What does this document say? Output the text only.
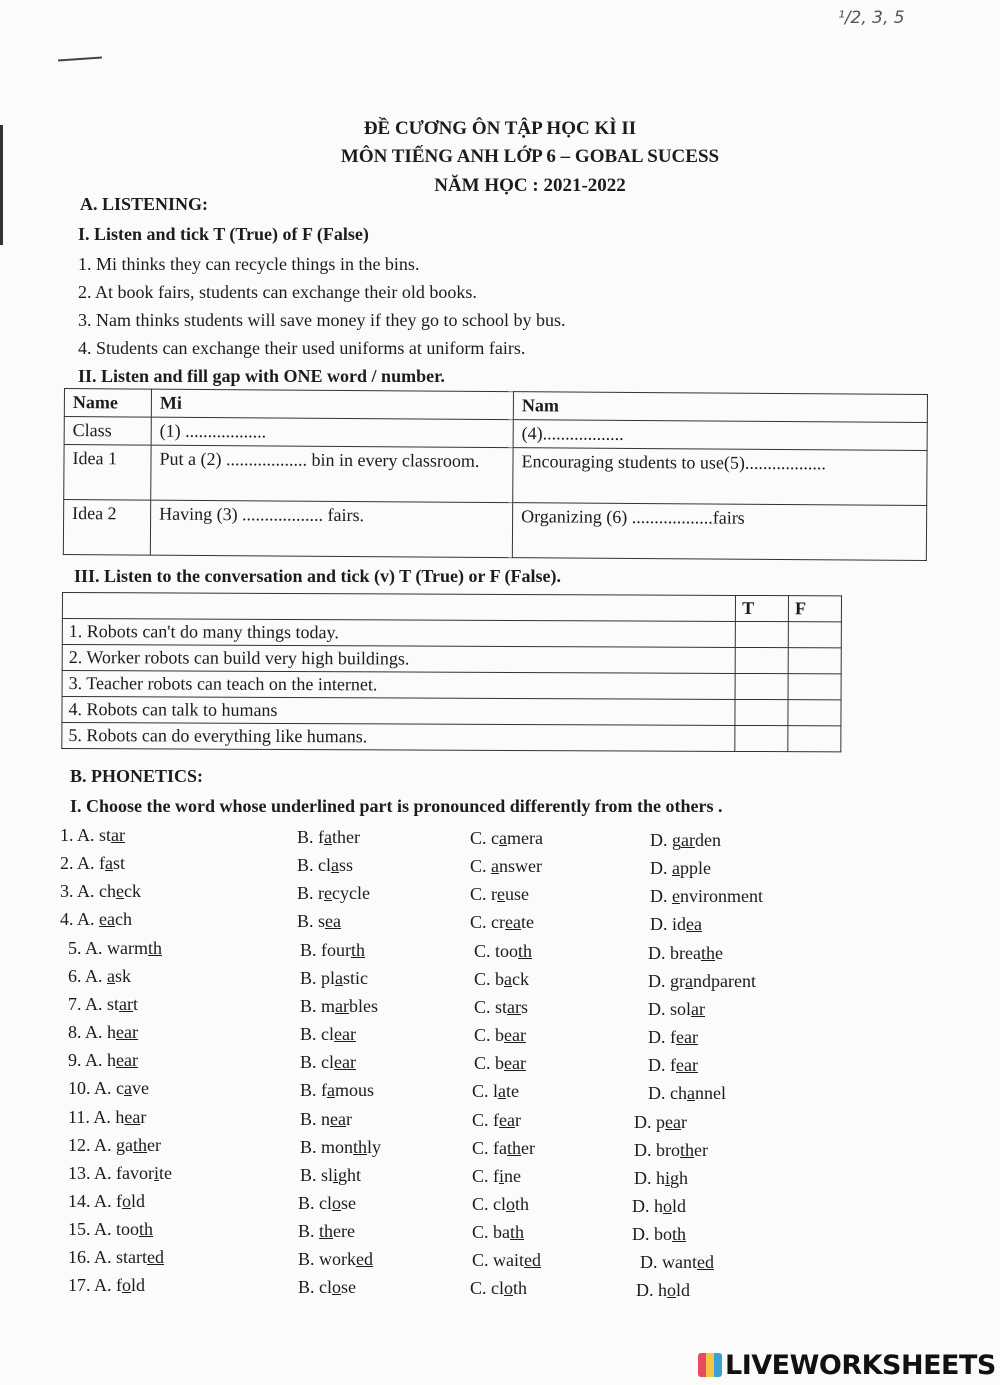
¹/2, 3, 5
ĐỀ CƯƠNG ÔN TẬP HỌC KÌ II
MÔN TIẾNG ANH LỚP 6 – GOBAL SUCESS
NĂM HỌC : 2021-2022
A. LISTENING:
I. Listen and tick T (True) of F (False)
1. Mi thinks they can recycle things in the bins.
2. At book fairs, students can exchange their old books.
3. Nam thinks students will save money if they go to school by bus.
4. Students can exchange their used uniforms at uniform fairs.
II. Listen and fill gap with ONE word / number.
Name	Mi	Nam
Class	(1) ..................	(4)..................
Idea 1	Put a (2) .................. bin in every classroom.	Encouraging students to use(5)..................
Idea 2	Having (3) .................. fairs.	Organizing (6) ..................fairs
III. Listen to the conversation and tick (v) T (True) or F (False).
	T	F
1. Robots can't do many things today.		
2. Worker robots can build very high buildings.		
3. Teacher robots can teach on the internet.		
4. Robots can talk to humans		
5. Robots can do everything like humans.		
B. PHONETICS:
I. Choose the word whose underlined part is pronounced differently from the others .
1. A. star	B. father	C. camera	D. garden
2. A. fast	B. class	C. answer	D. apple
3. A. check	B. recycle	C. reuse	D. environment
4. A. each	B. sea	C. create	D. idea
5. A. warmth	B. fourth	C. tooth	D. breathe
6. A. ask	B. plastic	C. back	D. grandparent
7. A. start	B. marbles	C. stars	D. solar
8. A. hear	B. clear	C. bear	D. fear
9. A. hear	B. clear	C. bear	D. fear
10. A. cave	B. famous	C. late	D. channel
11. A. hear	B. near	C. fear	D. pear
12. A. gather	B. monthly	C. father	D. brother
13. A. favorite	B. slight	C. fine	D. high
14. A. fold	B. close	C. cloth	D. hold
15. A. tooth	B. there	C. bath	D. both
16. A. started	B. worked	C. waited	D. wanted
17. A. fold	B. close	C. cloth	D. hold
LIVEWORKSHEETS
